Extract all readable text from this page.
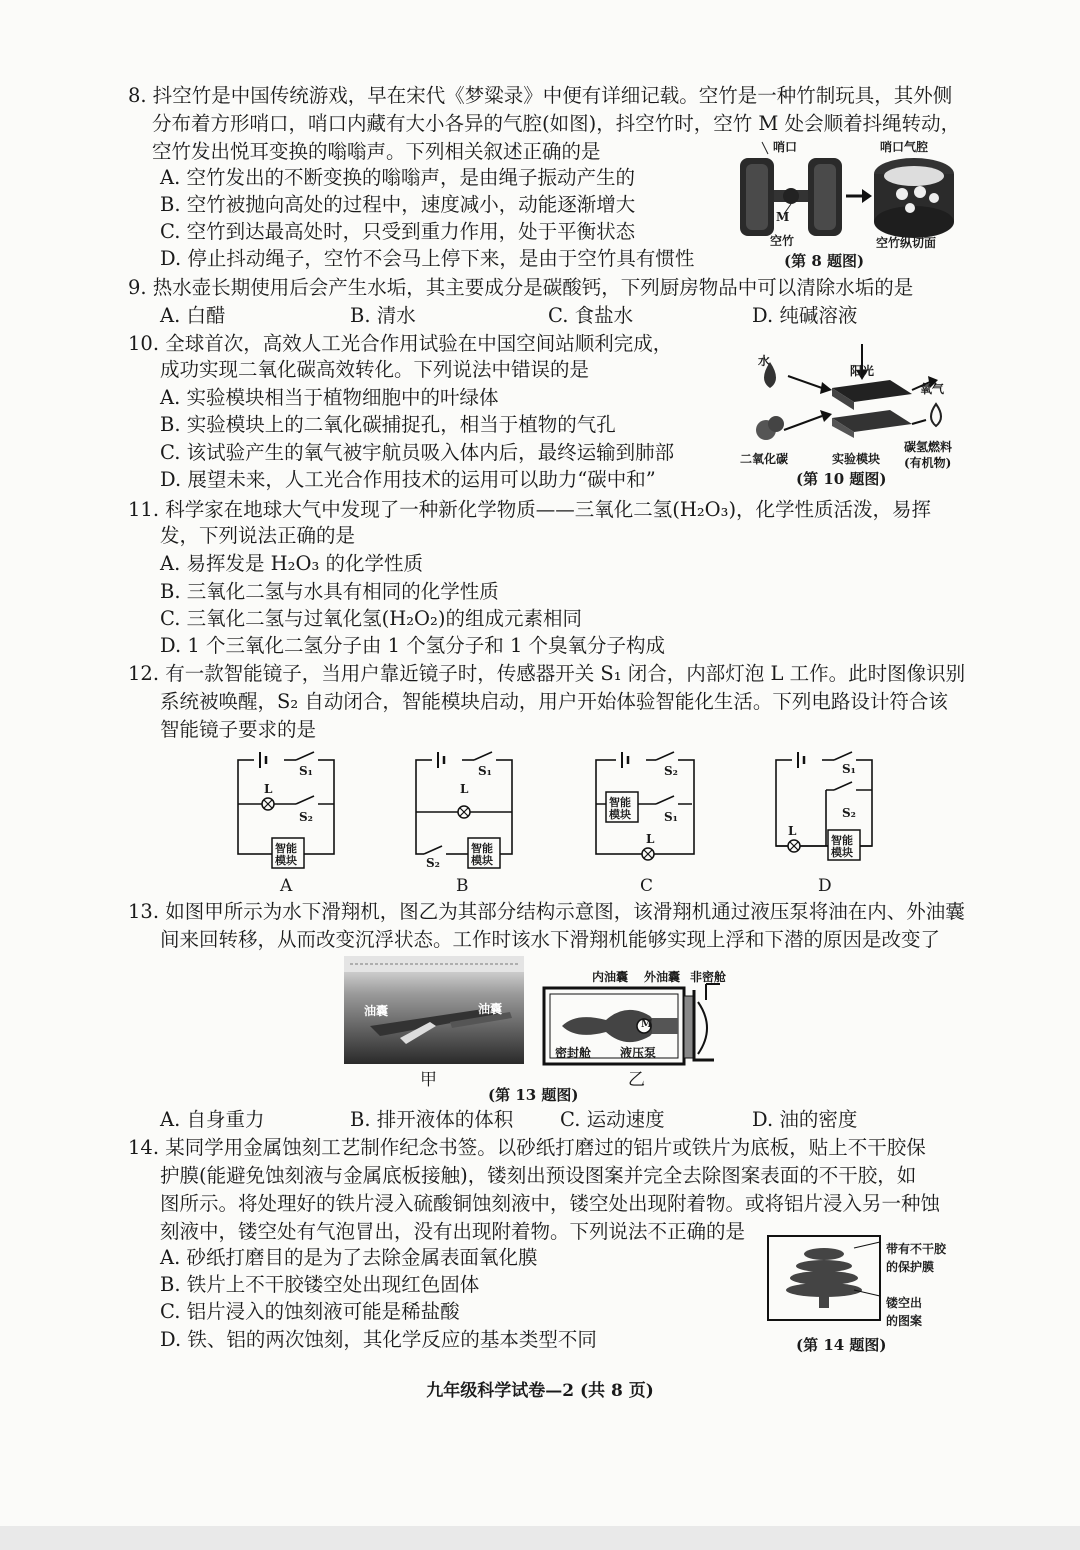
8. 抖空竹是中国传统游戏，早在宋代《梦粱录》中便有详细记载。空竹是一种竹制玩具，其外侧
分布着方形哨口，哨口内藏有大小各异的气腔(如图)，抖空竹时，空竹 M 处会顺着抖绳转动，
空竹发出悦耳变换的嗡嗡声。下列相关叙述正确的是
A. 空竹发出的不断变换的嗡嗡声，是由绳子振动产生的
B. 空竹被抛向高处的过程中，速度减小，动能逐渐增大
C. 空竹到达最高处时，只受到重力作用，处于平衡状态
D. 停止抖动绳子，空竹不会马上停下来，是由于空竹具有惯性
哨口	哨口气腔
M
空竹	空竹纵切面
(第 8 题图)
9. 热水壶长期使用后会产生水垢，其主要成分是碳酸钙，下列厨房物品中可以清除水垢的是
A. 白醋	B. 清水	C. 食盐水	D. 纯碱溶液
10. 全球首次，高效人工光合作用试验在中国空间站顺利完成，
成功实现二氧化碳高效转化。下列说法中错误的是
A. 实验模块相当于植物细胞中的叶绿体
B. 实验模块上的二氧化碳捕捉孔，相当于植物的气孔
C. 该试验产生的氧气被宇航员吸入体内后，最终运输到肺部
D. 展望未来，人工光合作用技术的运用可以助力“碳中和”
水
阳光
氧气
二氧化碳	实验模块
碳氢燃料
(有机物)
(第 10 题图)
11. 科学家在地球大气中发现了一种新化学物质——三氧化二氢(H₂O₃)，化学性质活泼，易挥
发，下列说法正确的是
A. 易挥发是 H₂O₃ 的化学性质
B. 三氧化二氢与水具有相同的化学性质
C. 三氧化二氢与过氧化氢(H₂O₂)的组成元素相同
D. 1 个三氧化二氢分子由 1 个氢分子和 1 个臭氧分子构成
12. 有一款智能镜子，当用户靠近镜子时，传感器开关 S₁ 闭合，内部灯泡 L 工作。此时图像识别
系统被唤醒，S₂ 自动闭合，智能模块启动，用户开始体验智能化生活。下列电路设计符合该
智能镜子要求的是
S₁
S₂
L
智能
模块
A
S₁
L
S₂
智能
模块
B
S₂
S₁
L
智能
模块
C
S₁
S₂
L
智能
模块
D
13. 如图甲所示为水下滑翔机，图乙为其部分结构示意图，该滑翔机通过液压泵将油在内、外油囊
间来回转移，从而改变沉浮状态。工作时该水下滑翔机能够实现上浮和下潜的原因是改变了
油囊	油囊
甲
内油囊 外油囊 非密舱
密封舱 液压泵
M
乙
(第 13 题图)
A. 自身重力	B. 排开液体的体积 C. 运动速度	D. 油的密度
14. 某同学用金属蚀刻工艺制作纪念书签。以砂纸打磨过的铝片或铁片为底板，贴上不干胶保
护膜(能避免蚀刻液与金属底板接触)，镂刻出预设图案并完全去除图案表面的不干胶，如
图所示。将处理好的铁片浸入硫酸铜蚀刻液中，镂空处出现附着物。或将铝片浸入另一种蚀
刻液中，镂空处有气泡冒出，没有出现附着物。下列说法不正确的是
A. 砂纸打磨目的是为了去除金属表面氧化膜
B. 铁片上不干胶镂空处出现红色固体
C. 铝片浸入的蚀刻液可能是稀盐酸
D. 铁、铝的两次蚀刻，其化学反应的基本类型不同
带有不干胶
的保护膜
镂空出
的图案
(第 14 题图)
九年级科学试卷—2 (共 8 页)
